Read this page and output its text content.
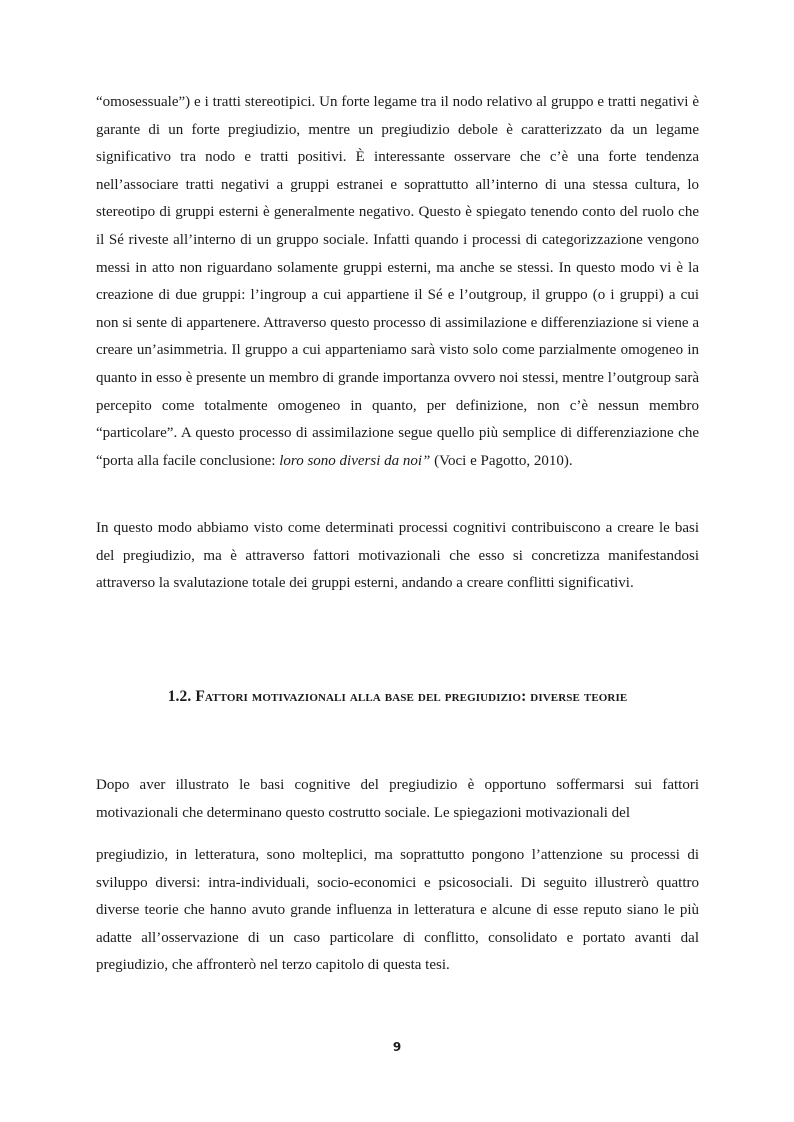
“omosessuale”) e i tratti stereotipici. Un forte legame tra il nodo relativo al gruppo e tratti negativi è garante di un forte pregiudizio, mentre un pregiudizio debole è caratterizzato da un legame significativo tra nodo e tratti positivi. È interessante osservare che c’è una forte tendenza nell’associare tratti negativi a gruppi estranei e soprattutto all’interno di una stessa cultura, lo stereotipo di gruppi esterni è generalmente negativo. Questo è spiegato tenendo conto del ruolo che il Sé riveste all’interno di un gruppo sociale. Infatti quando i processi di categorizzazione vengono messi in atto non riguardano solamente gruppi esterni, ma anche se stessi. In questo modo vi è la creazione di due gruppi: l’ingroup a cui appartiene il Sé e l’outgroup, il gruppo (o i gruppi) a cui non si sente di appartenere. Attraverso questo processo di assimilazione e differenziazione si viene a creare un’asimmetria. Il gruppo a cui apparteniamo sarà visto solo come parzialmente omogeneo in quanto in esso è presente un membro di grande importanza ovvero noi stessi, mentre l’outgroup sarà percepito come totalmente omogeneo in quanto, per definizione, non c’è nessun membro “particolare”. A questo processo di assimilazione segue quello più semplice di differenziazione che “porta alla facile conclusione: loro sono diversi da noi” (Voci e Pagotto, 2010).

In questo modo abbiamo visto come determinati processi cognitivi contribuiscono a creare le basi del pregiudizio, ma è attraverso fattori motivazionali che esso si concretizza manifestandosi attraverso la svalutazione totale dei gruppi esterni, andando a creare conflitti significativi.

1.2. Fattori motivazionali alla base del pregiudizio: diverse teorie

Dopo aver illustrato le basi cognitive del pregiudizio è opportuno soffermarsi sui fattori motivazionali che determinano questo costrutto sociale. Le spiegazioni motivazionali del

pregiudizio, in letteratura, sono molteplici, ma soprattutto pongono l’attenzione su processi di sviluppo diversi: intra-individuali, socio-economici e psicosociali. Di seguito illustrerò quattro diverse teorie che hanno avuto grande influenza in letteratura e alcune di esse reputo siano le più adatte all’osservazione di un caso particolare di conflitto, consolidato e portato avanti dal pregiudizio, che affronterò nel terzo capitolo di questa tesi.

9
